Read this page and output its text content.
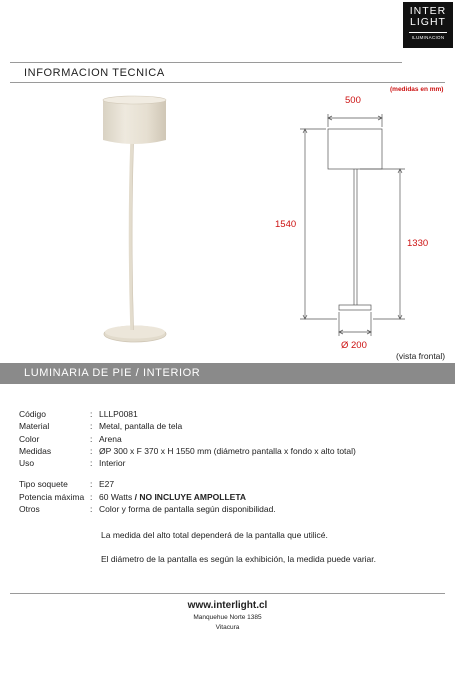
INTER
LIGHT
ILUMINACION
INFORMACION TECNICA
(medidas en mm)
500
1540
1330
Ø 200
(vista frontal)
LUMINARIA DE PIE / INTERIOR
Código	: LLLP0081
Material	: Metal, pantalla de tela
Color	: Arena
Medidas	: ØP 300 x F 370 x H 1550 mm (diámetro pantalla x fondo x alto total)
Uso	: Interior
Tipo soquete	: E27
Potencia máxima : 60 Watts / NO INCLUYE AMPOLLETA
Otros	: Color y forma de pantalla según disponibilidad.
La medida del alto total dependerá de la pantalla que utilicé.
El diámetro de la pantalla es según la exhibición, la medida puede variar.
www.interlight.cl
Manquehue Norte 1385
Vitacura
